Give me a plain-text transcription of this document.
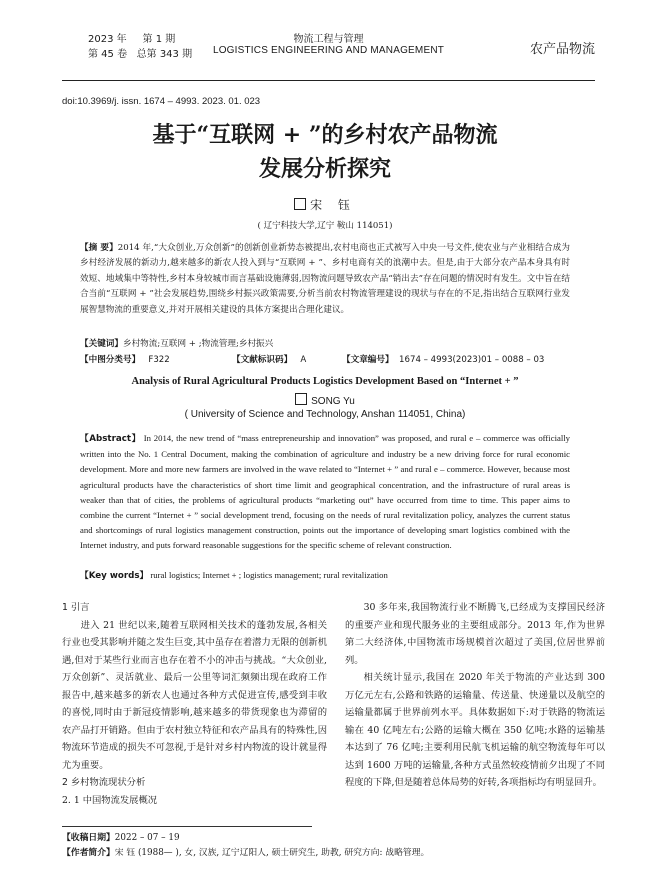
2023 年 第 1 期
第 45 卷 总第 343 期
物流工程与管理
LOGISTICS ENGINEERING AND MANAGEMENT	农产品物流
doi:10.3969/j. issn. 1674 – 4993. 2023. 01. 023
基于“互联网 + ”的乡村农产品物流
发展分析探究
宋 钰
( 辽宁科技大学,辽宁 鞍山 114051)
【摘 要】2014 年,“大众创业,万众创新”的创新创业新势态被提出,农村电商也正式被写入中央一号文件,使农业与产业相结合成为乡村经济发展的新动力,越来越多的新农人投入到与“互联网 + ”、乡村电商有关的浪潮中去。但是,由于大部分农产品本身具有时效短、地域集中等特性,乡村本身较城市而言基础设施薄弱,因物流问题导致农产品“销出去”存在问题的情况时有发生。文中旨在结合当前“互联网 + ”社会发展趋势,围绕乡村振兴政策需要,分析当前农村物流管理建设的现状与存在的不足,指出结合互联网行业发展智慧物流的重要意义,并对开展相关建设的具体方案提出合理化建议。
【关键词】乡村物流;互联网 + ;物流管理;乡村振兴
【中图分类号】 F322	【文献标识码】 A	【文章编号】 1674 – 4993(2023)01 – 0088 – 03
Analysis of Rural Agricultural Products Logistics Development Based on “Internet + ”
SONG Yu
( University of Science and Technology, Anshan 114051, China)
【Abstract】 In 2014, the new trend of “mass entrepreneurship and innovation” was proposed, and rural e – commerce was officially written into the No. 1 Central Document, making the combination of agriculture and industry be a new driving force for rural economic development. More and more new farmers are involved in the wave related to “Internet + ” and rural e – commerce. However, because most agricultural products have the characteristics of short time limit and geographical concentration, and the infrastructure of rural areas is weaker than that of cities, the problems of agricultural products “marketing out” have occurred from time to time. This paper aims to combine the current “Internet + ” social development trend, focusing on the needs of rural revitalization policy, analyzes the current status and shortcomings of rural logistics management construction, points out the importance of developing smart logistics combined with the Internet industry, and puts forward reasonable suggestions for the specific scheme of relevant construction.
【Key words】 rural logistics; Internet + ; logistics management; rural revitalization

1 引言

进入 21 世纪以来,随着互联网相关技术的蓬勃发展,各相关行业也受其影响并随之发生巨变,其中虽存在着潜力无限的创新机遇,但对于某些行业而言也存在着不小的冲击与挑战。“大众创业,万众创新”、灵活就业、最后一公里等词汇频频出现在政府工作报告中,越来越多的新农人也通过各种方式促进宣传,感受到丰收的喜悦,同时由于新冠疫情影响,越来越多的带货现象也为滞留的农产品打开销路。但由于农村独立特征和农产品具有的特殊性,因物流环节造成的损失不可忽视,于是针对乡村内物流的设计就显得尤为重要。

2 乡村物流现状分析

2. 1 中国物流发展概况

30 多年来,我国物流行业不断腾飞,已经成为支撑国民经济的重要产业和现代服务业的主要组成部分。2013 年,作为世界第二大经济体,中国物流市场规模首次超过了美国,位居世界前列。

相关统计显示,我国在 2020 年关于物流的产业达到 300 万亿元左右,公路和铁路的运输量、传送量、快递量以及航空的运输量都属于世界前列水平。具体数据如下:对于铁路的物流运输在 40 亿吨左右;公路的运输大概在 350 亿吨;水路的运输基本达到了 76 亿吨;主要利用民航飞机运输的航空物流每年可以达到 1600 万吨的运输量,各种方式虽然较疫情前夕出现了不同程度的下降,但是随着总体局势的好转,各项指标均有明显回升。

【收稿日期】2022 – 07 – 19
【作者简介】宋 钰 (1988— ), 女, 汉族, 辽宁辽阳人, 硕士研究生, 助教, 研究方向: 战略管理。
